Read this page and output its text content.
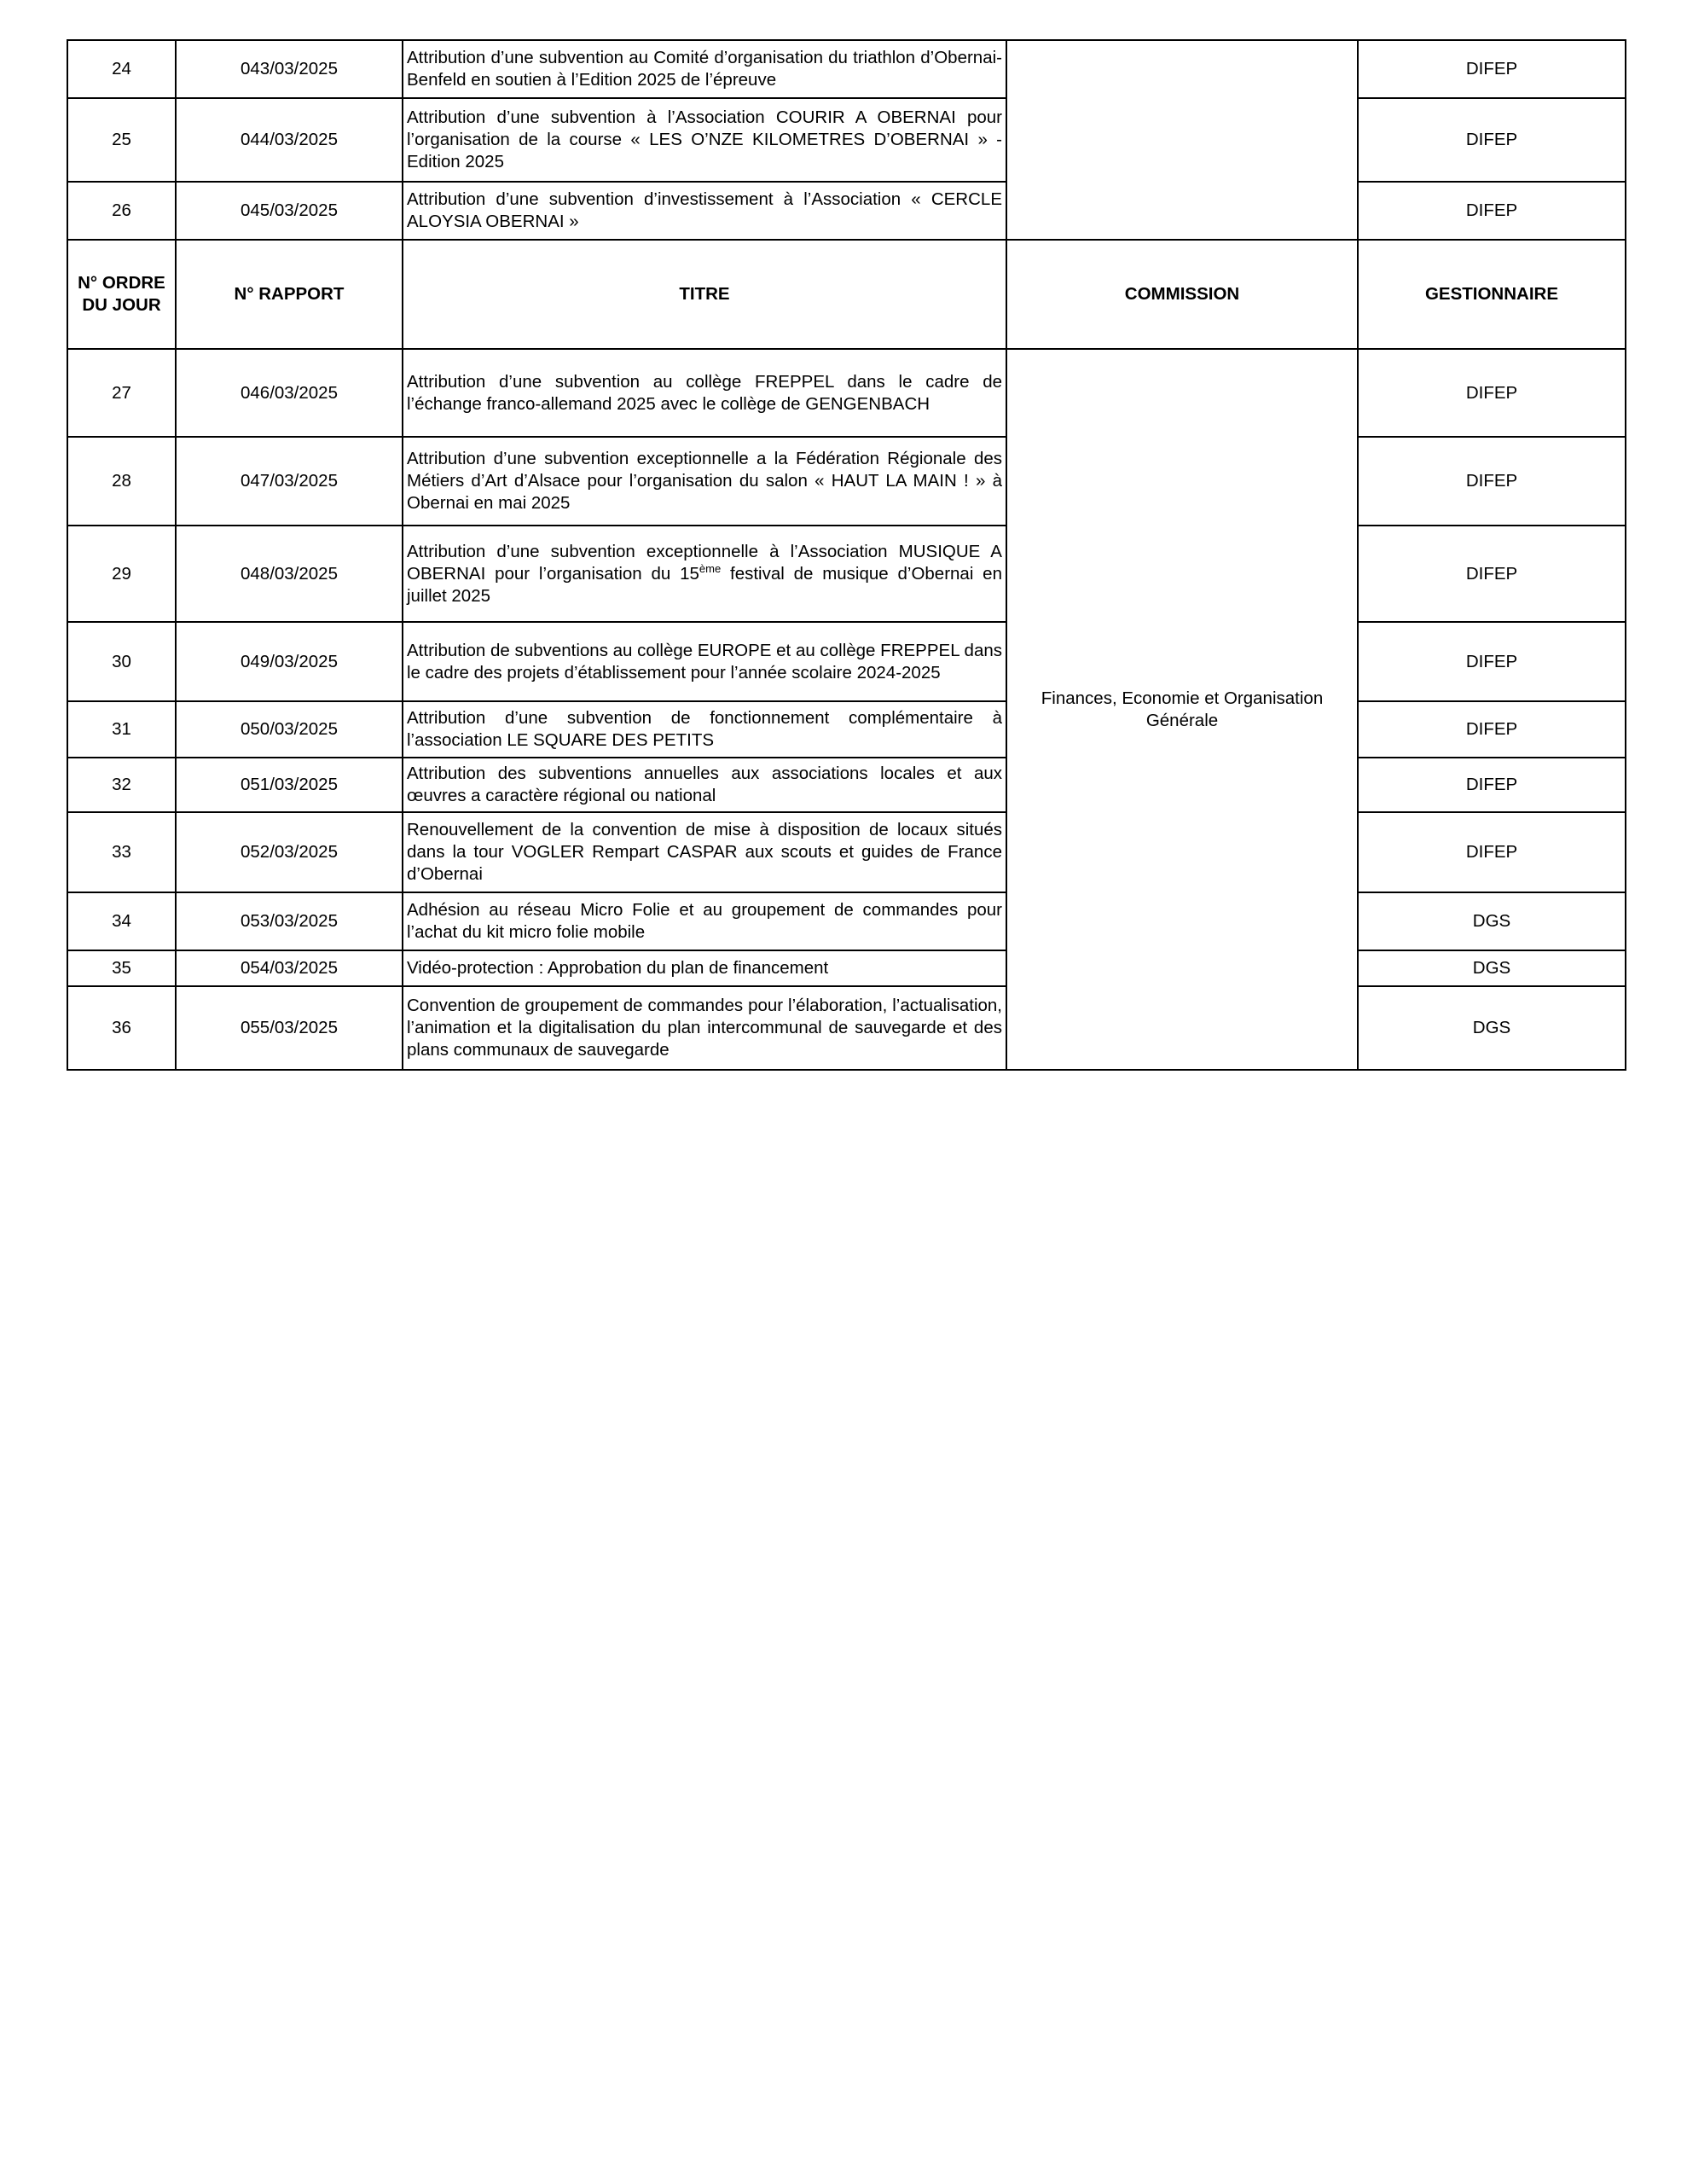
24	043/03/2025	Attribution d’une subvention au Comité d’organisation du triathlon d’Obernai-Benfeld en soutien à l’Edition 2025 de l’épreuve		DIFEP
25	044/03/2025	Attribution d’une subvention à l’Association COURIR A OBERNAI pour l’organisation de la course « LES O’NZE KILOMETRES D’OBERNAI » - Edition 2025		DIFEP
26	045/03/2025	Attribution d’une subvention d’investissement à l’Association « CERCLE ALOYSIA OBERNAI »		DIFEP
N° ORDRE DU JOUR	N° RAPPORT	TITRE	COMMISSION	GESTIONNAIRE
27	046/03/2025	Attribution d’une subvention au collège FREPPEL dans le cadre de l’échange franco-allemand 2025 avec le collège de GENGENBACH	Finances, Economie et Organisation Générale	DIFEP
28	047/03/2025	Attribution d’une subvention exceptionnelle a la Fédération Régionale des Métiers d’Art d’Alsace pour l’organisation du salon « HAUT LA MAIN ! » à Obernai en mai 2025		DIFEP
29	048/03/2025	Attribution d’une subvention exceptionnelle à l’Association MUSIQUE A OBERNAI pour l’organisation du 15ème festival de musique d’Obernai en juillet 2025		DIFEP
30	049/03/2025	Attribution de subventions au collège EUROPE et au collège FREPPEL dans le cadre des projets d’établissement pour l’année scolaire 2024-2025		DIFEP
31	050/03/2025	Attribution d’une subvention de fonctionnement complémentaire à l’association LE SQUARE DES PETITS		DIFEP
32	051/03/2025	Attribution des subventions annuelles aux associations locales et aux œuvres a caractère régional ou national		DIFEP
33	052/03/2025	Renouvellement de la convention de mise à disposition de locaux situés dans la tour VOGLER Rempart CASPAR aux scouts et guides de France d’Obernai		DIFEP
34	053/03/2025	Adhésion au réseau Micro Folie et au groupement de commandes pour l’achat du kit micro folie mobile		DGS
35	054/03/2025	Vidéo-protection : Approbation du plan de financement		DGS
36	055/03/2025	Convention de groupement de commandes pour l’élaboration, l’actualisation, l’animation et la digitalisation du plan intercommunal de sauvegarde et des plans communaux de sauvegarde		DGS
